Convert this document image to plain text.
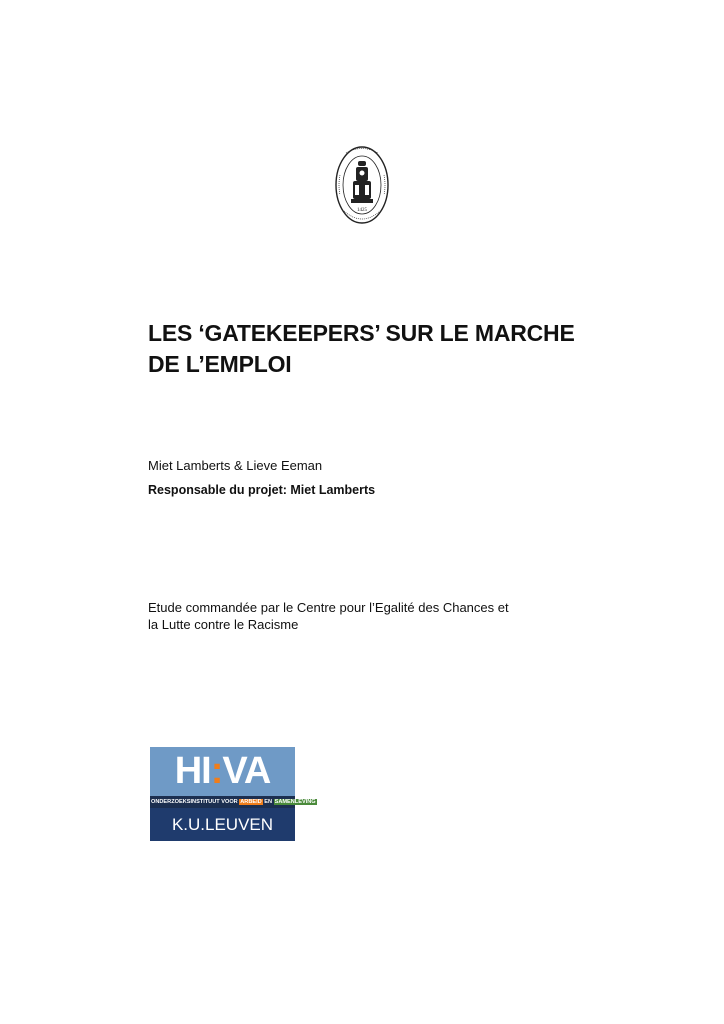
1425
LES ‘GATEKEEPERS’ SUR LE MARCHE
DE L’EMPLOI
Miet Lamberts & Lieve Eeman
Responsable du projet: Miet Lamberts
Etude commandée par le Centre pour l’Egalité des Chances et
la Lutte contre le Racisme
HI:VA
ONDERZOEKSINSTITUUT VOOR ARBEID EN SAMENLEVING
K.U.LEUVEN
